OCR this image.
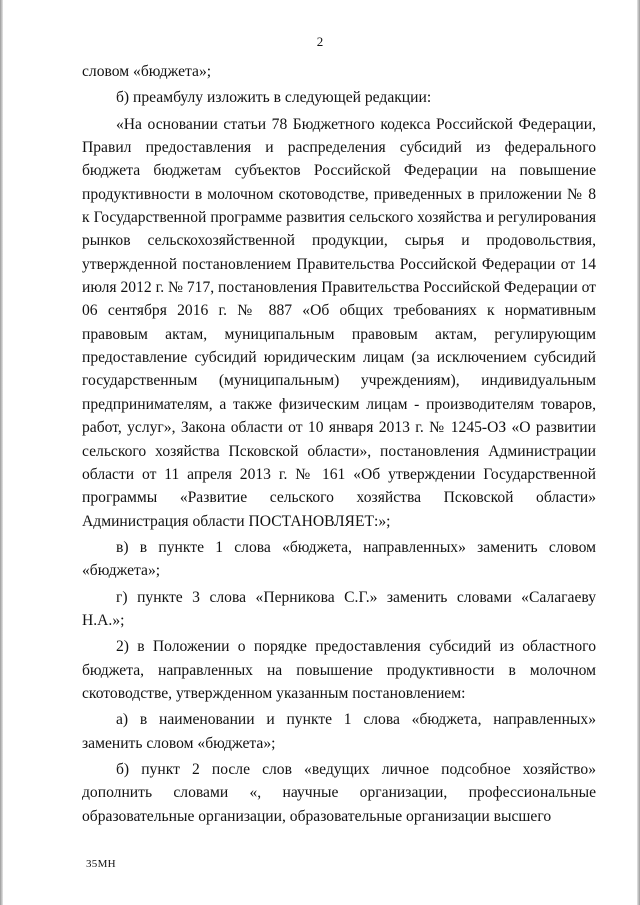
2

словом «бюджета»;

б) преамбулу изложить в следующей редакции:

«На основании статьи 78 Бюджетного кодекса Российской Федерации, Правил предоставления и распределения субсидий из федерального бюджета бюджетам субъектов Российской Федерации на повышение продуктивности в молочном скотоводстве, приведенных в приложении № 8 к Государственной программе развития сельского хозяйства и регулирования рынков сельскохозяйственной продукции, сырья и продовольствия, утвержденной постановлением Правительства Российской Федерации от 14 июля 2012 г. № 717, постановления Правительства Российской Федерации от 06 сентября 2016 г. № 887 «Об общих требованиях к нормативным правовым актам, муниципальным правовым актам, регулирующим предоставление субсидий юридическим лицам (за исключением субсидий государственным (муниципальным) учреждениям), индивидуальным предпринимателям, а также физическим лицам - производителям товаров, работ, услуг», Закона области от 10 января 2013 г. № 1245-ОЗ «О развитии сельского хозяйства Псковской области», постановления Администрации области от 11 апреля 2013 г. № 161 «Об утверждении Государственной программы «Развитие сельского хозяйства Псковской области» Администрация области ПОСТАНОВЛЯЕТ:»;

в) в пункте 1 слова «бюджета, направленных» заменить словом «бюджета»;

г) пункте 3 слова «Перникова С.Г.» заменить словами «Салагаеву Н.А.»;

2) в Положении о порядке предоставления субсидий из областного бюджета, направленных на повышение продуктивности в молочном скотоводстве, утвержденном указанным постановлением:

а) в наименовании и пункте 1 слова «бюджета, направленных» заменить словом «бюджета»;

б) пункт 2 после слов «ведущих личное подсобное хозяйство» дополнить словами «, научные организации, профессиональные образовательные организации, образовательные организации высшего

35МН
